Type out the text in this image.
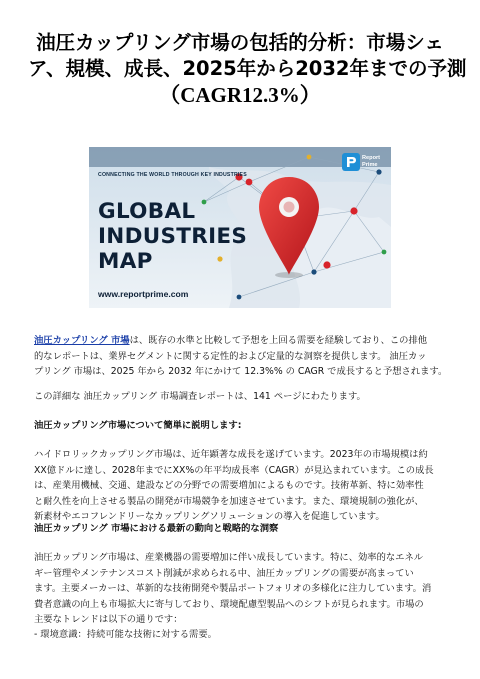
油圧カップリング市場の包括的分析：市場シェ
ア、規模、成長、2025年から2032年までの予測
（CAGR12.3%）
CONNECTING THE WORLD THROUGH KEY INDUSTRIES
GLOBAL
INDUSTRIES
MAP
www.reportprime.com
Report
Prime
油圧カップリング 市場は、既存の水準と比較して予想を上回る需要を経験しており、この排他
的なレポートは、業界セグメントに関する定性的および定量的な洞察を提供します。 油圧カッ
プリング 市場は、2025 年から 2032 年にかけて 12.3%% の CAGR で成長すると予想されます。
この詳細な 油圧カップリング 市場調査レポートは、141 ページにわたります。
油圧カップリング市場について簡単に説明します:
ハイドロリックカップリング市場は、近年顕著な成長を遂げています。2023年の市場規模は約
XX億ドルに達し、2028年までにXX%の年平均成長率（CAGR）が見込まれています。この成長
は、産業用機械、交通、建設などの分野での需要増加によるものです。技術革新、特に効率性
と耐久性を向上させる製品の開発が市場競争を加速させています。また、環境規制の強化が、
新素材やエコフレンドリーなカップリングソリューションの導入を促進しています。
油圧カップリング 市場における最新の動向と戦略的な洞察
油圧カップリング市場は、産業機器の需要増加に伴い成長しています。特に、効率的なエネル
ギー管理やメンテナンスコスト削減が求められる中、油圧カップリングの需要が高まってい
ます。主要メーカーは、革新的な技術開発や製品ポートフォリオの多様化に注力しています。消
費者意識の向上も市場拡大に寄与しており、環境配慮型製品へのシフトが見られます。市場の
主要なトレンドは以下の通りです：
- 環境意識：持続可能な技術に対する需要。
